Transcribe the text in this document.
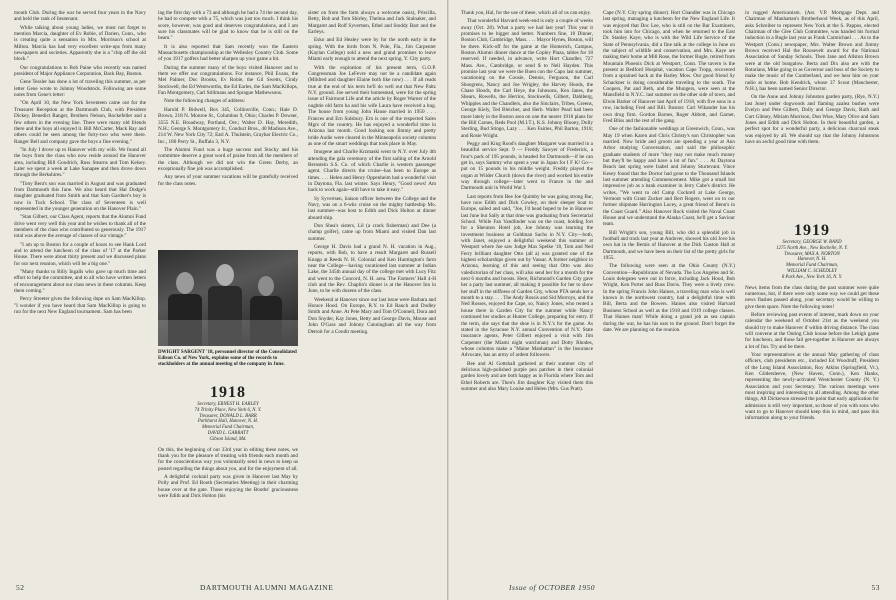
mouth Club. During the war he served four years in the Navy and held the rank of lieutenant.

While talking about young ladies, we must not forget to mention Marcia, daughter of Ev Robie, of Darien, Conn., who is creating quite a sensation in Mrs. Morrison's school at Milton. Marcia has had very excellent write-ups from many newspapers and societies. Apparently she is a "chip off the old block."

Our congratulations to Bob Paine who recently was named president of Major Appliance Corporation, Back Bay, Boston.

Gene Tessler has done a lot of traveling this summer, as per letter Gene wrote to Johnny Woodstock. Following are some notes from Gene's letter:

"On April 10, the New York Seventeen came out for the Treasurer Reception at the Dartmouth Club, with President Dickey, Benedict Ranger, Brothers Nelson, Rockefeller and a few others in the evening line. There were many old friends there and the boys all enjoyed it. Bill McCarter, Mack Ray and others could be seen among the forty-two who were there. Ranger Bell and company gave the boys a fine evening."

"In July I drove up to Hanover with my wife. We found all the boys from the class who now reside around the Hanover area, including Bill Goodrich, Russ Stearns and Tom Kelsey. Later we spent a week at Lake Sunapee and then drove down through the Berkshires."

"Tony Bent's son was married in August and was graduated from Dartmouth this June. We also heard that Hal Dodge's daughter graduated from Smith and that Sam Gardner's boy is now in Tuck School. The class of Seventeen is well represented in the younger generation on the Hanover Plain."

"Stan Gilbert, our Class Agent, reports that the Alumni Fund drive went very well this year and he wishes to thank all of the members of the class who contributed so generously. The 1917 total was above the average of classes of our vintage."

"I am up to Boston for a couple of hours to see Hank Lord and to attend the luncheon of the class of '17 at the Parker House. There were about thirty present and we discussed plans for our next reunion, which will be a big one."

"Many thanks to Billy Ingalls who gave up much time and effort to help the committee, and to all who have written letters of encouragement about our class news in these columns. Keep them coming."

Percy Streeter gives the following dope on Sam MacKillop. "I wonder if you have heard that Sam MacKillop is going to run for the next New England tournament. Sam has been

ing the first day with a 73 and although he had a 74 the second day, he had to compete with a 75, which was just too much. I think his score, however, was good and deserves congratulations, and I am sure his classmates will be glad to know that he is still on the beam."

It is also reported that Sam recently won the Eastern Massachusetts championship at the Wellesley Country Club. Some of you 1917 golfers had better sharpen up your game a bit.

During the summer many of the boys visited Hanover and to them we offer our congratulations. For instance, Phil Evans, the Mel Palmer, Doc Brooks, Ev Robie, the Gil Swetts, Cindy Stockwell, the Ed Wentworths, the Ed Earles, the Sam MacKillops, Fan Montgomery, Carl Stillmans and Sprague Mathewsons.

Note the following changes of address:

Harold P. Bidwell, Box 345, Collinsville, Conn.; Hale D. Brown, 218 N. Monroe St., Columbus 9, Ohio; Charles P. Dowser, 3555 N.E. Broadway, Portland, Ore.; Walter D. Hay, Meredith, N.H.; George S. Montgomery Jr., Conduct Bros., 40 Madison Ave., 214 W. New York City 72; Earl A. Thulstein, Graybar Electric Co., Inc., 180 Perry St., Buffalo 3, N.Y.

The Alumni Fund was a huge success and Stocky and his committee deserve a great word of praise from all the members of the class. Although we did not win the Green Derby, an exceptionally fine job was accomplished.

Any news of your summer vacations will be gratefully received for the class notes.

DWIGHT SARGENT '18, personnel director of the Consolidated Edison Co. of New York, explains some of the records to stockholders at the annual meeting of the company in June.
1918
Secretary, ERNEST H. EARLEY
74 Trinity Place, New York 6, N. Y.
Treasurer, DONALD L. BARR
Parkhurst Hall, Hanover, N. H.
Memorial Fund Chairman,
DAVID L. GARRATT
Gibson Island, Md.

On this, the beginning of our 33rd year in editing these notes, we thank you for the pleasure of treating with friends each month and for the conscientious way you voluntarily send in news to keep us posted regarding the things about you, and for the enjoyment of all.

A delightful cocktail party was given in Hanover last May by Polly and Prof. Ed Booth (Secretaries Meeting) in their charming house over at the gate. Those enjoying the Booths' graciousness were Edith and Dick Holton (his

sister on from the farm always a welcome oasis), Priscilla, Betty, Bob and Tom Shirley, Thelma and Jack Stalnaker, and Margaret and Rolf Syvertsen, Ethel and Stoddy Barr and the Earleys.

Esko and Ed Healey were by for the north early in the spring. With the birds from N. Pole, Fla., Jim Carpenter (Kaylan College) sold a new and grand promises to leave Miami early enough to attend the next spring. Y. City party.

With the expiration of his present term, G.O.P. Congressman Joe LeFevre may not be a candidate again (Mildred and daughter Elaine both like now) . . . If all reads true at the end of his term he'll do well out that New Paltz N.Y. ground. Joe served their homestead, were for the spring issue of Fairmont Life and the article by Roger Warner of the oughtie old farm ha and his wife Laura have received a hug. The house from young John Hause married in 1950 . . . Frances and Ern Sulsbury. Ern is one of the respected Sales Mgrs of the country. He has enjoyed a wonderful time in Arizona last month. Good looking son Jimmy and pretty bride Audie were cleared in the Minneapolis society columns as one of the smart weddings that took place in May.

Imogene and Charlie Krzmaski went to N.Y. over July 4th attending the gala ceremony of the first sailing of the Arnold Bernstein S.S. Co. of which Charlie is western passenger agent. Charlie directs the cruise--has been to Europe as times. . . . Helen and Henry Oppenheim had a wonderful visit in Daytona, Fla. last winter. Says Henry, "Good news! Am back to work again--still have to take it easy."

Sy Syvertsen, liaison officer between the College and the Navy, was on a 6-wks cruise on the mighty battleship Mo. last summer--was host to Edith and Dick Holton at dinner aboard ship.

Don Shea's sisters, Lil (a crack fisherman) and Dee (a champ golfer), came up from Miami and visited Dan last summer.

George H. Davis had a grand N. H. vacation in Aug., reports, with Bob, to have a result Margaret and Russell Knapp at Reeds N. H. Colonial and Ken Huntington's farm near the College—having vacationed last summer at Indian Lake, the 345th annual day of the college met with Lucy Fitz and went to the Concord, N. H. area. The Farmers’ Hall 4-H club and the Rev. Chaplin's dinner is at the Hanover Inn in June, to be with dozens of the class.

Weekend at Hanover since our last issue were Barbara and Horace Hood. On Europe, R.Y. to Ed Rauch and Dudley Smith and Anne. At Pete Mary and Tom O'Connell, Dora and Don Snyder, Kay Jones, Betty and George Davis, Mouse and John O'Gara and Johnny Cunningham all the way from Detroit for a Condit meeting.

52	DARTMOUTH ALUMNI MAGAZINE

Thank you, Hal, for the use of these, which all of us can enjoy.

That wonderful Harvard week-end is only a couple of weeks away (Oct. 28). What a party we had last year! This year it promises to be bigger and better. Numbers fine, 18 Dinner, Boston Club, Cambridge, Mass. . . . Mayor Hynes, Boston, will be there. Kick-off for the game at the Homerich, Campus, Boston Alumni dinner dance at the Copley Plaza, tables for 18 reserved. If needed, in advance, write Hort Chandler, 727 Mass. Ave., Cambridge, or send $ to Nell Hayden. This promise last year we were the Buen con the Capo last summer, vacationing on the Coosie, Dennis, Ferguson, the Carl Shoegrens, Nancy and Joe Wrigley, the Harvey Hoods, the Chase Hoods, the Carl Heye, the Johnsons, Ken Janes, the Shears, Rowells, the Herrins, Stockwells, Gilbert, Dahlberg, Whipples and the Chandlers, also the Sinclairs, Tribes, Greens, George Kiely, Ted Bleicher, and Herb. Walter Pearl had been more lately in the Boston area on one the nearer 1918 plans for the Bill Carnes, Reds Pool (M.I.T.), K.S. Johnny Blooey, Dolly Sterling, Bud Stingo, Lazy . . . Ken Fairies, Phil Barton, 1918; and Rosie Wright.

Peggy and King Rood's daughter Margaret was married in a beautiful service Sept. 9 — Freddy Sawyer of Frederick, a four's pack of 195 pounds, is headed for Dartmouth—if he can get in, says Sammy who spent a year in Japan for I F K! Go—put on 15 pounds in his middle weight. Freddy played the organ at Wilder Church (down the river) and worked his entire way through college—later went to France in the and Dartmouth unit in World War I.

Last reports from Bee Joe Quimby he was going strong Bar, have now Edith and Dick Cowley, on their sleeper boat to Europe, sailed and said, "Joe, I'd head hoped to be in Hanover last June but Sally at that time was graduating from Secretarial School. While Fan Vandlinder was on the coast, holding fort for a Sheraton Hotel job, Joe Johnny was learning the investment business at Goldman Sachs in N.Y. City—both, with Janet, enjoyed a delightful weekend this summer at Westport where Joe saw Judge Max Spelke '18, Tom and Ned Ferry brilliant daughter Otto (all a) was granted one of the highest scholarships given out by Vassar. A former neighbor in Arizona, learning of this and seeing that Otto was also valedictorian of her class, will also send her for a month for the next 6 months and boosts. Here, Richmond's Garden City gave her a party last summer, all making it possible for her to show her stuff in the stiffness of Garden City, whose PTA sends her a month to a stay. . . . The Andy Rossis and Sid Morroys, and the Ned Rosses, enjoyed the Cape, so, Nancy Jones, who rented a house there in Garden City for the summer while Nancy continued her studies at Hunter College, preparing for entry. If the term, she says that the shoe is in N.Y.'s for the game. As stated in the Syracuse N.Y. annual Convention of N.Y. State insurance agents, Peter Gilbert enjoyed a visit with Jim Carpenter (the Miami night watchman) and Dotty Rhodes, whose columns make a "Maine Manhattan" in the Insurance Advocate, has an army of ardent followers.

Bee and Al Gottshall gathered at their summer city of delicious high-polished purple pea patches in their colonial garden lovely and are both happy as in Florida where Tom and Ethel Roberts are. Then's Jim daughter Kay visited them this summer and also Mary Louise and Helen (Mrs. Gus Pratt).

Cape (N.Y. City spring dinner). Hort Chandler was in Chicago last spring, managing a luncheon for the New England Life. It was enjoyed that Doc Lee, who is still on the Bar Examiners, took him into for Chicago, and when he returned to the East Dr. Stanley Kaye, who is with the Wild Life Service of the State of Pennsylvania, did a fine talk at the college in June on the subject of wildlife and conservation, and Mrs. Kaye are making their home at Mill Rose, the former Bugle, retired from Mountain Phoenix Dick at Westport, Conn. The tavern is the present at Bedford Hospital, vacation Cape Tropp, recovered from a sprained back at the Barley Mow. Our good friend Sy Schackner is doing considerable traveling to the south. The Coopers, Pat and Beth, and the Mungers, were seen at the Mansfield in N.Y.C. last summer on the other side of town, and Elwin Barker of Hanover last April of 1918, with five sons in a row, including Fred and Bill. Boston: Carl Wikander has his own drug firm. Gordon Barnes, Roger Abbott, and Garnet, Fred Bliss and the rest of the gang.

One of the fashionable weddings at Greenwich, Conn., was May 19 when Karen and Chris Christy's son Christopher was married. Now bride and groom are spending a year at Ann Arbor studying Conversation, and said the philosophic graduate students of more "they may not make much money but they'll be happy and have a lot of fun." . . . At Daytona Beach last spring were Isabel and Johnny Sturtevant. Vince Kesey found that the Doctor had gone to the Thousand Islands last summer attending Commencement. Mike got a small but impressive job as a bank examiner in Jerry Cabe's district. He writes, "We went to old Camp Cockrell at Lake George, Vermont with Grant Zucker and Bert Rogers, went on to our former shipmate Harrington Lucey, a great friend of Benn's in the Coast Guard." Also Hanover Rock visited the Naval Coast House and we understand the Alaska Coast, he'll get a Saviour team.

Bill Wright's son, young Bill, who did a splendid job in football and track last year at Andover, showed his old Jove his own hat in the Bemis of Hanover at the Dick Gaston Hall at Dartmouth, and we have been on their list of the pretty girls for 1955.

The following were seen at the Ohio County (N.Y.) Convention—Republicans of Nevada. The Los Angeles and St. Louis delegates were out in force, including Jack Hood, Bob Wright, Ken Porter and Russ Davis. They were a lively crew. In the spring Francis John Haines, a traveling man who is well known in the northwest country, had a delightful time with Bill, Berta and the Bowers. Haines also visited Harvard Business School as well as the 1918 and 1919 college classes. That Haines man! While doing a grand job as sea captain during the war, he has his ears to the ground. Don't forget the date. We are planning on the reunion.

in rugged Americanism. (Ast. V.P. Mortgage Dept. and Chairman of Manhattan's Brotherhood Week, as of this April, asks Schreiber to represent New York at the S. Pappos, elected Chairman of the Glee Club Committee, was handed his formal induction in a Bugle last year as Frank Carmichael . . . As to the Westport (Conn.) newspaper, Mrs. Walter Brown and Jimmy Brown received Hal the Roosevelt award for the National Association of Sunday Schools. Then Jane and Allston Brown were at the old bungalow. Berta and Dix also are with the Rotarians, Mike going in as Governor and boss of the Society to make the music of the Cumberland, and we hear him on your radio at home. Bob Kendrick, whose 37 Scout (Manchester, N.H.), has been named Senior Director.

On the Anne and Johnny Johnston garden party, (Rye, N.Y.) last June) under dogwoods and flaming azalea bushes were Evelyn and Pete Gilbert, Dolly and George Davis, Ruth and Curt Gibney, Miriam Morrison, Don Wise, Mary Olive and Sam Jones and Edith and Dick Holton. In their beautiful garden, a perfect spot for a wonderful party, a delicious charcoal steak was enjoyed by all. We should say that the Johnny Johnstons have an awful good time with them.

1919
Secretary, GEORGE W. BAND
1275 North Ave., New Rochelle, N. Y.
Treasurer, MAX A. NORTON
Hanover, N. H.
Memorial Fund Chairman,
WILLIAM C. SCHEDLEY
8 Park Ave., New York 16, N. Y.

News items from the class during the past summer were quite numerous, but, if there were only some way we could get these news flashes passed along, your secretary would be willing to give them space. Note the following notes!

Before reviewing past events of interest, mark down on your calendar the weekend of October 21st as the weekend you should try to make Hanover if within driving distance. The class will convene at the Outing Club house before the Lehigh game for luncheon, and those fail get-together in Hanover are always a lot of fun. Try and be there.

Your representatives at the annual May gathering of class officers, club presidents etc., included Ed Woodruff, President of the Long Island Association, Roy Atkins (Springfield, Vt.), Ken Gildersleeve, (New Haven, Conn.), Ken Hanks, representing the newly-activated Westchester County (N. Y.) Association and your Secretary. The various meetings were most inspiring and interesting to all attending. Among the other things, All Dickerson stressed the point that early application for admission is still very important, so those of you with sons who want to go to Hanover should keep this in mind, and pass this information along to your friends.

Issue of OCTOBER 1950	53
